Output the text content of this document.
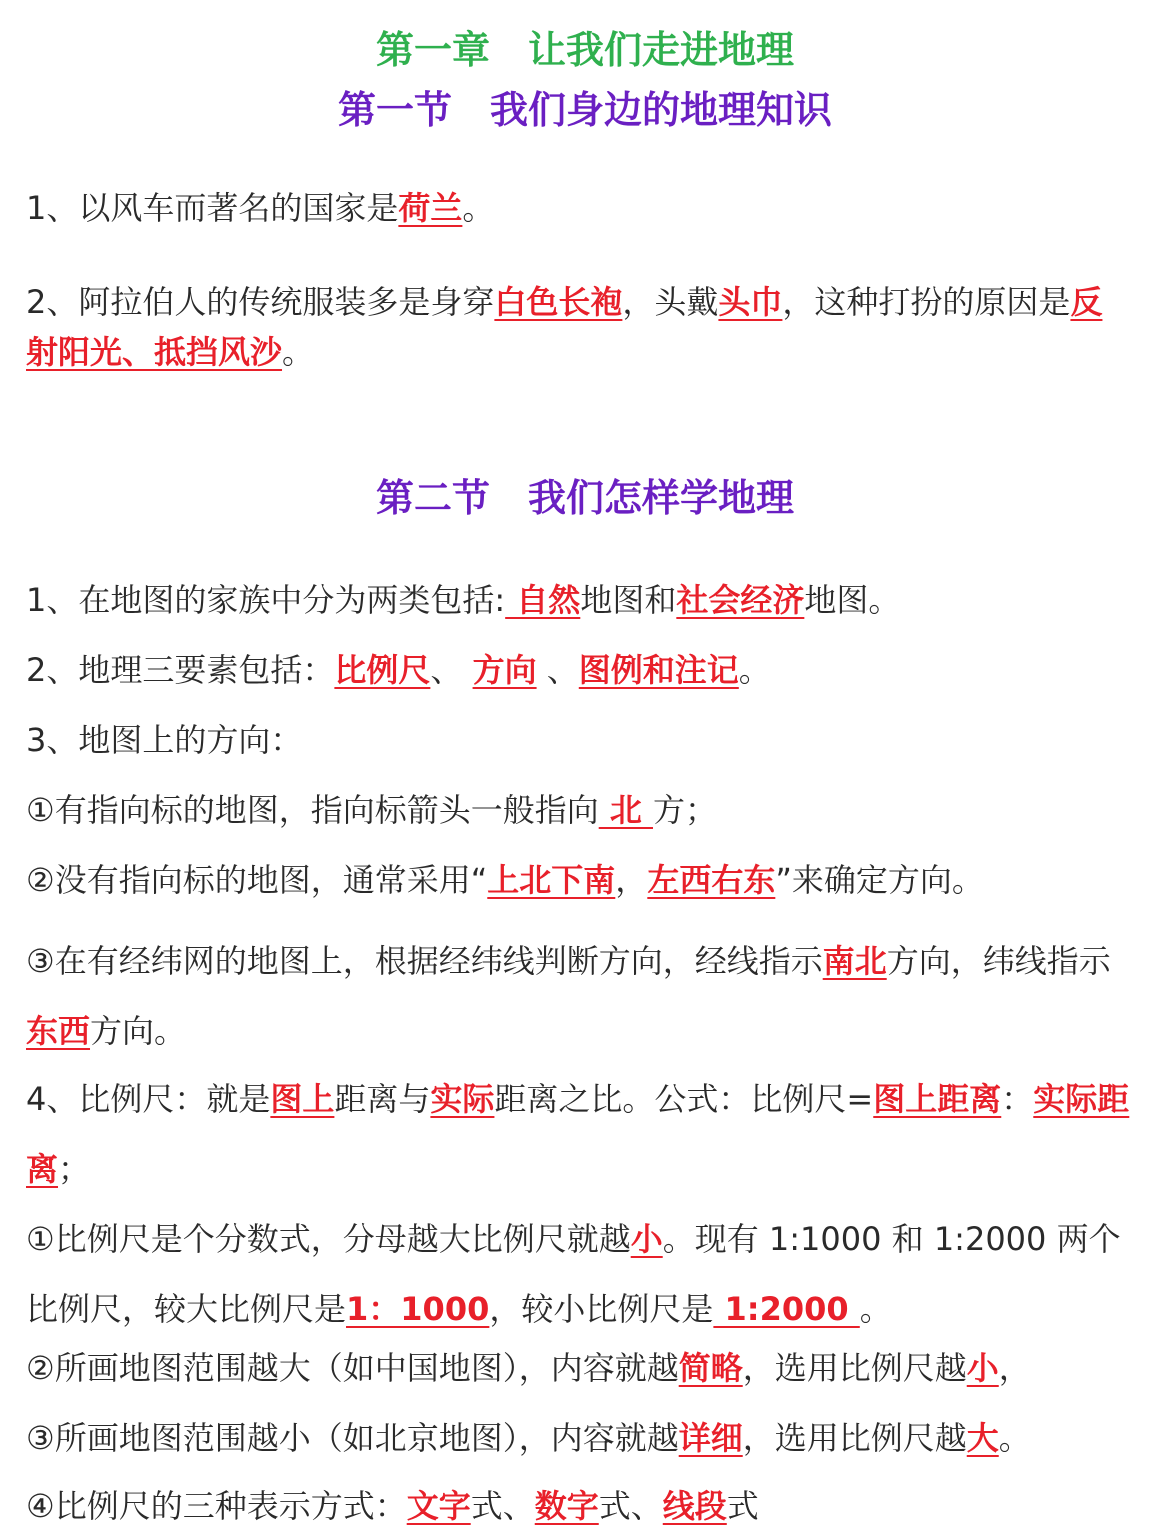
第一章　让我们走进地理
第一节　我们身边的地理知识
1、以风车而著名的国家是荷兰。
2、阿拉伯人的传统服装多是身穿白色长袍，头戴头巾，这种打扮的原因是反射阳光、抵挡风沙。
第二节　我们怎样学地理
1、在地图的家族中分为两类包括: 自然地图和社会经济地图。
2、地理三要素包括：比例尺、 方向 、图例和注记。
3、地图上的方向：
①有指向标的地图，指向标箭头一般指向 北 方；
②没有指向标的地图，通常采用“上北下南，左西右东”来确定方向。
③在有经纬网的地图上，根据经纬线判断方向，经线指示南北方向，纬线指示东西方向。
4、比例尺：就是图上距离与实际距离之比。公式：比例尺=图上距离：实际距离；
①比例尺是个分数式，分母越大比例尺就越小。现有 1:1000 和 1:2000 两个比例尺，较大比例尺是1：1000，较小比例尺是 1:2000 。
②所画地图范围越大（如中国地图），内容就越简略，选用比例尺越小，
③所画地图范围越小（如北京地图），内容就越详细，选用比例尺越大。
④比例尺的三种表示方式：文字式、数字式、线段式
